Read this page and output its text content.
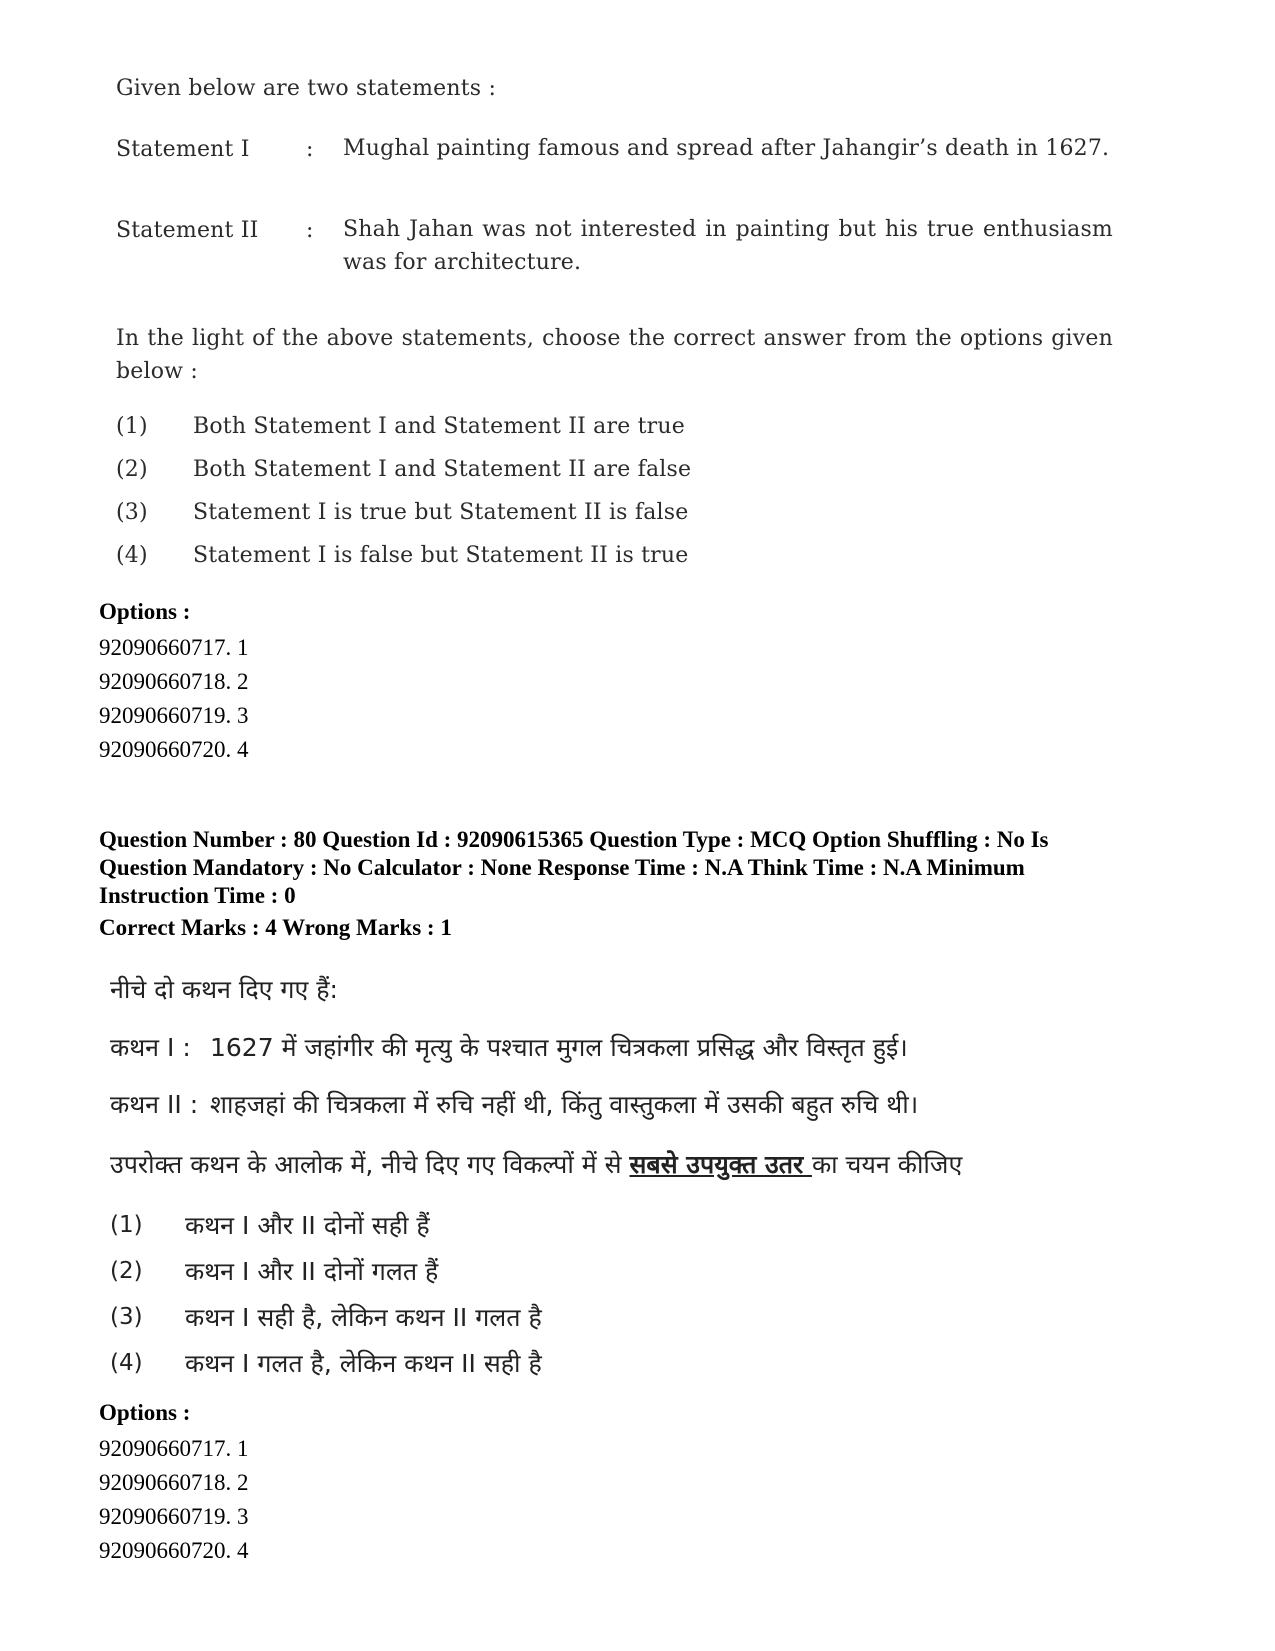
Given below are two statements :
Statement I	: Mughal painting famous and spread after Jahangir’s death in 1627.
Statement II : Shah Jahan was not interested in painting but his true enthusiasm was for architecture.
In the light of the above statements, choose the correct answer from the options given below :
(1) Both Statement I and Statement II are true
(2) Both Statement I and Statement II are false
(3) Statement I is true but Statement II is false
(4) Statement I is false but Statement II is true
Options :
92090660717. 1
92090660718. 2
92090660719. 3
92090660720. 4
Question Number : 80 Question Id : 92090615365 Question Type : MCQ Option Shuffling : No Is
Question Mandatory : No Calculator : None Response Time : N.A Think Time : N.A Minimum
Instruction Time : 0
Correct Marks : 4 Wrong Marks : 1
नीचे दो कथन दिए गए हैं:
कथन I : 1627 में जहांगीर की मृत्यु के पश्चात मुगल चित्रकला प्रसिद्ध और विस्तृत हुई।
कथन II : शाहजहां की चित्रकला में रुचि नहीं थी, किंतु वास्तुकला में उसकी बहुत रुचि थी।
उपरोक्त कथन के आलोक में, नीचे दिए गए विकल्पों में से सबसे उपयुक्त उतर का चयन कीजिए
(1) कथन I और II दोनों सही हैं
(2) कथन I और II दोनों गलत हैं
(3) कथन I सही है, लेकिन कथन II गलत है
(4) कथन I गलत है, लेकिन कथन II सही है
Options :
92090660717. 1
92090660718. 2
92090660719. 3
92090660720. 4
